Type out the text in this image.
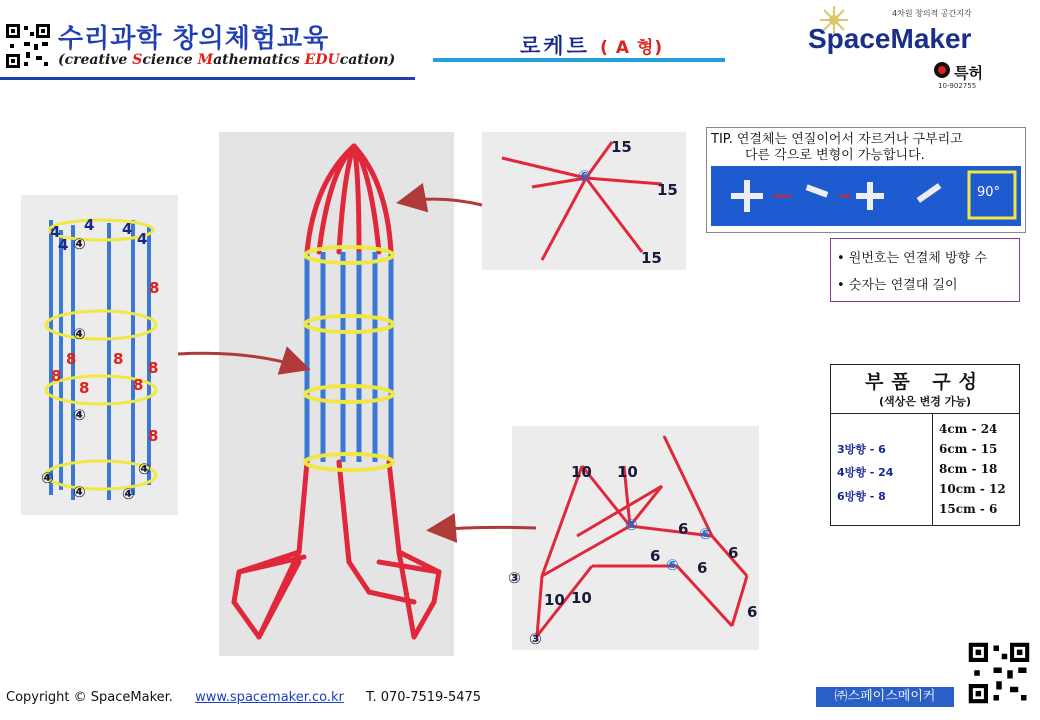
수리과학 창의체험교육
(creative Science Mathematics EDUcation)
로케트 ( A 형)
4차원 창의적 공간지각
SpaceMaker
특허
10-902755
4 4
4 ④
4
4
8
④
8 8 8
8
8	8
④
8
④
④
④ ④
15
⑥
15
15
10 10
⑥	6 ⑥
6 ⑥ 6
6
③
10 10
③
6
TIP. 연결체는 연질이어서 자르거나 구부리고
다른 각으로 변형이 가능합니다.
90°
• 원번호는 연결체 방향 수
• 숫자는 연결대 길이
부품 구성
(색상은 변경 가능)
3방향 - 6
4방향 - 24
6방향 - 8
4cm - 24
6cm - 15
8cm - 18
10cm - 12
15cm - 6
Copyright © SpaceMaker. www.spacemaker.co.kr T. 070-7519-5475	㈜스페이스메이커
